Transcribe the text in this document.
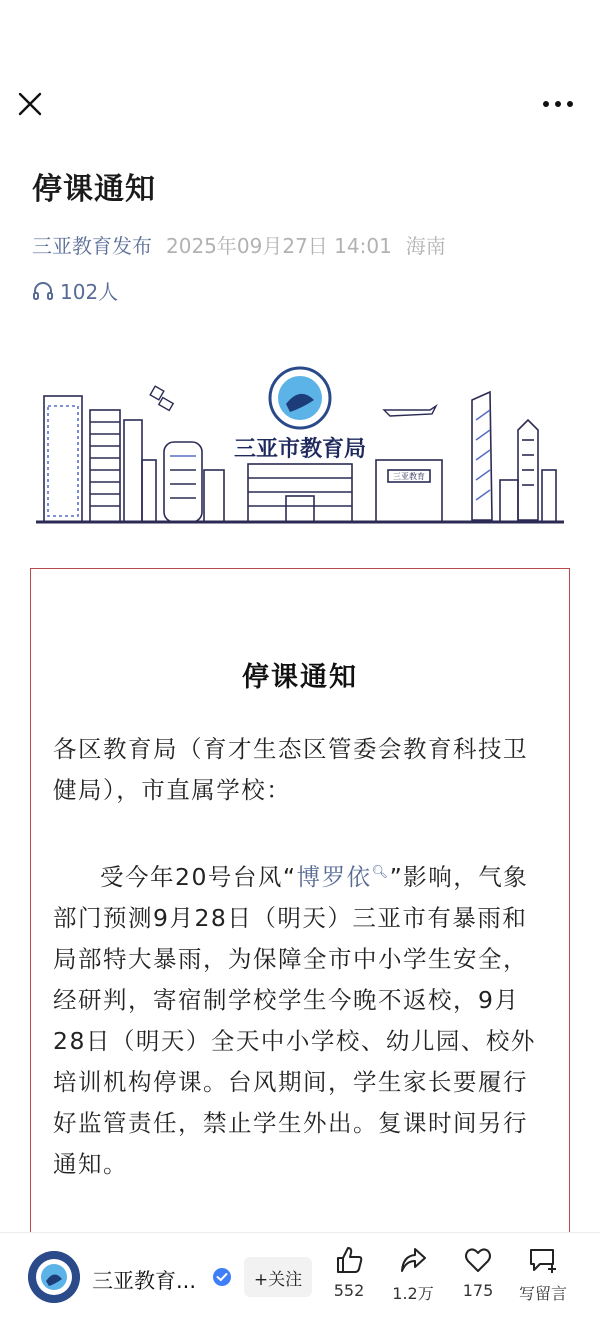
停课通知
三亚教育发布 2025年09月27日 14:01 海南
102人
三亚市教育局
三亚教育
停课通知

各区教育局（育才生态区管委会教育科技卫健局），市直属学校：

受今年20号台风“博罗依🔍︎”影响，气象部门预测9月28日（明天）三亚市有暴雨和局部特大暴雨，为保障全市中小学生安全，经研判，寄宿制学校学生今晚不返校，9月28日（明天）全天中小学校、幼儿园、校外培训机构停课。台风期间，学生家长要履行好监管责任，禁止学生外出。复课时间另行通知。

三亚教育...	+关注
552	1.2万	175	写留言
